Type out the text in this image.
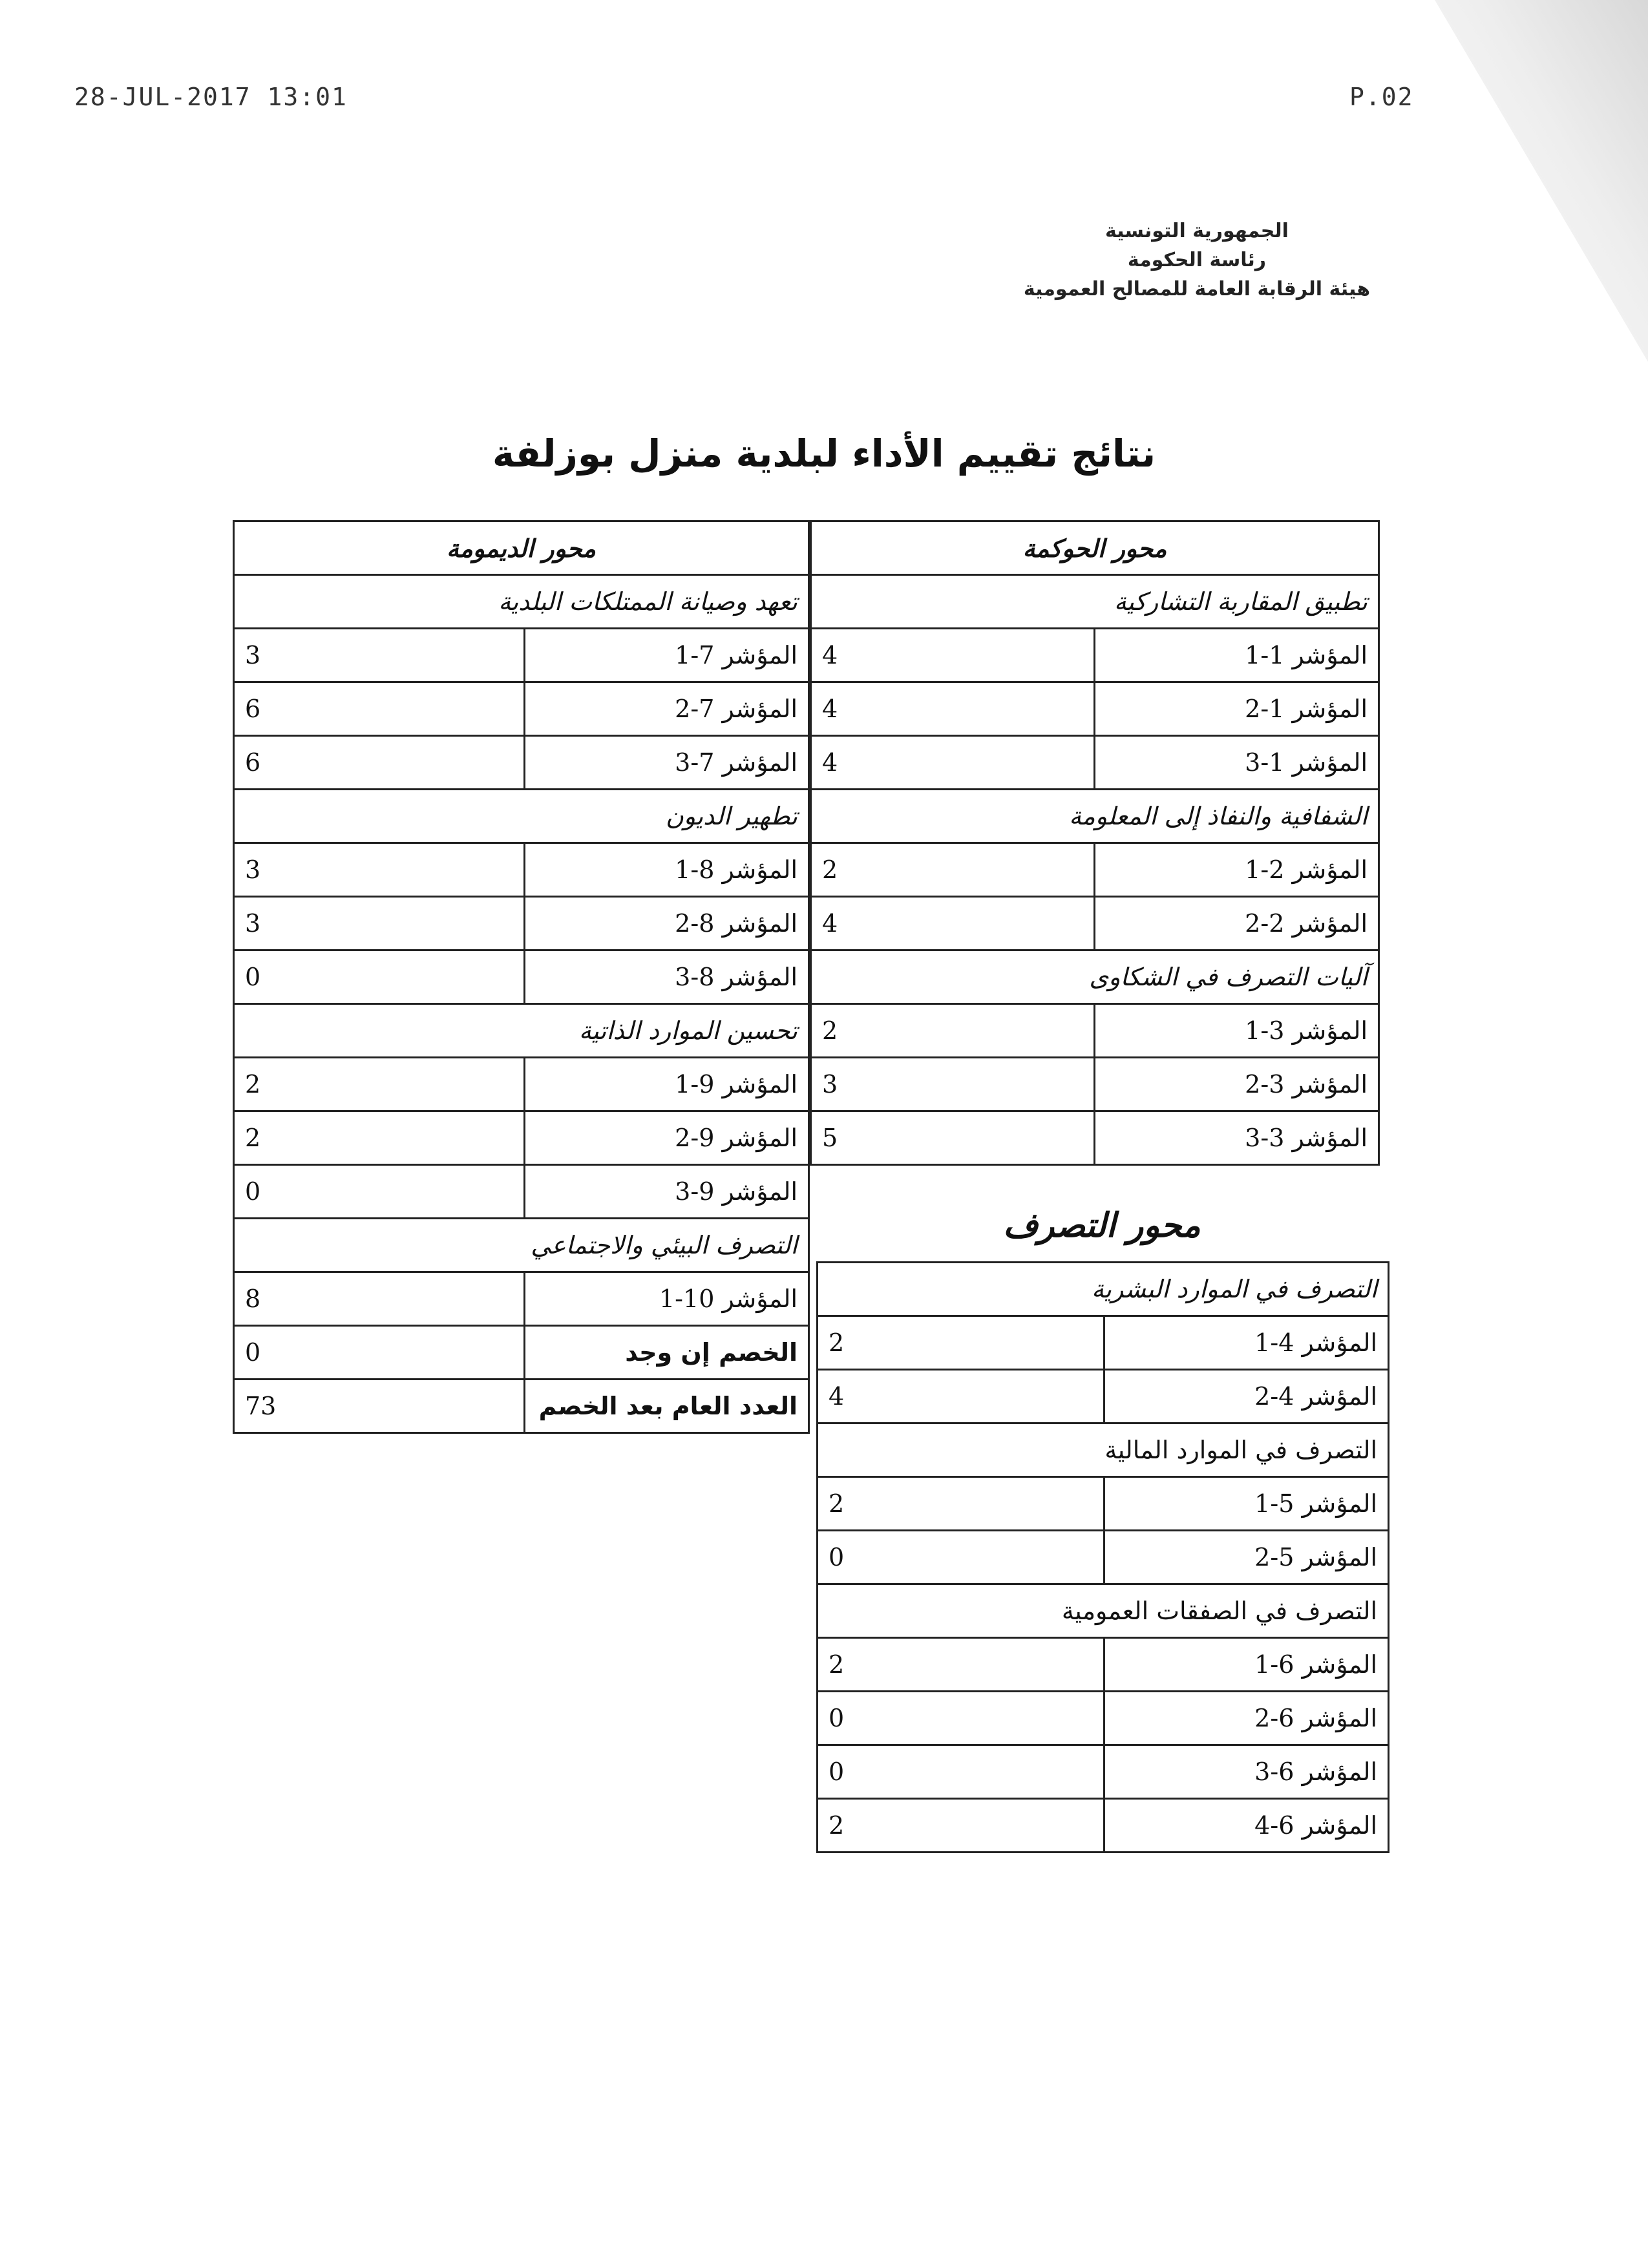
28-JUL-2017 13:01	P.02
الجمهورية التونسية
رئاسة الحكومة
هيئة الرقابة العامة للمصالح العمومية
نتائج تقييم الأداء لبلدية منزل بوزلفة
محور الحوكمة	
تطبيق المقاربة التشاركية	
المؤشر 1-1	4
المؤشر 1-2	4
المؤشر 1-3	4
الشفافية والنفاذ إلى المعلومة	
المؤشر 2-1	2
المؤشر 2-2	4
آليات التصرف في الشكاوى	
المؤشر 3-1	2
المؤشر 3-2	3
المؤشر 3-3	5
محور التصرف
التصرف في الموارد البشرية	
المؤشر 4-1	2
المؤشر 4-2	4
التصرف في الموارد المالية	
المؤشر 5-1	2
المؤشر 5-2	0
التصرف في الصفقات العمومية	
المؤشر 6-1	2
المؤشر 6-2	0
المؤشر 6-3	0
المؤشر 6-4	2
محور الديمومة	
تعهد وصيانة الممتلكات البلدية	
المؤشر 7-1	3
المؤشر 7-2	6
المؤشر 7-3	6
تطهير الديون	
المؤشر 8-1	3
المؤشر 8-2	3
المؤشر 8-3	0
تحسين الموارد الذاتية	
المؤشر 9-1	2
المؤشر 9-2	2
المؤشر 9-3	0
التصرف البيئي والاجتماعي	
المؤشر 10-1	8
الخصم إن وجد	0
العدد العام بعد الخصم	73
